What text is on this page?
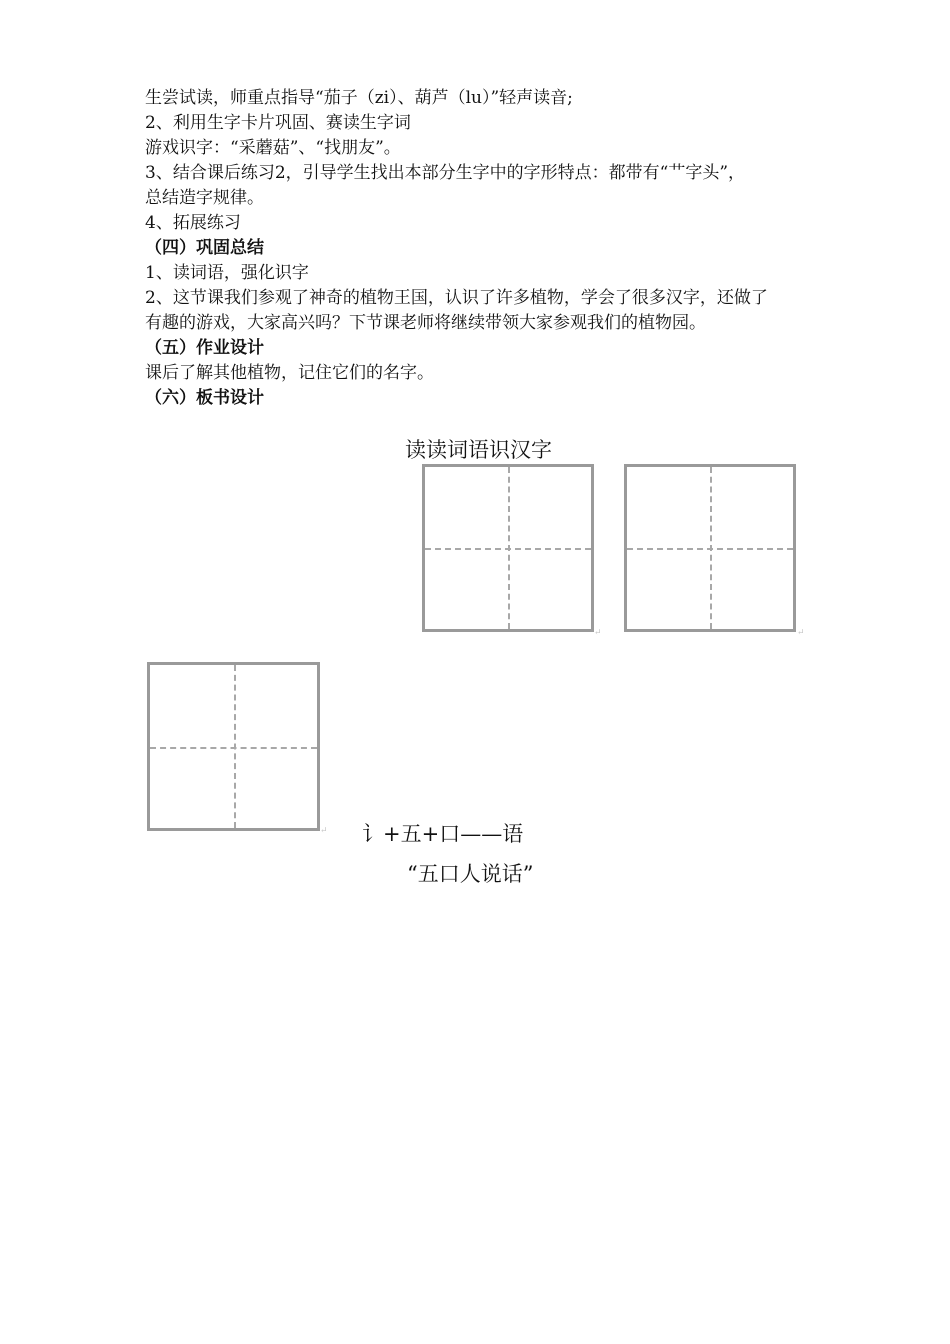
生尝试读，师重点指导“茄子（zi）、葫芦（lu）”轻声读音;
2、利用生字卡片巩固、赛读生字词
游戏识字：“采蘑菇”、“找朋友”。
3、结合课后练习2，引导学生找出本部分生字中的字形特点：都带有“艹字头”，
总结造字规律。
4、拓展练习
（四）巩固总结
1、读词语，强化识字
2、这节课我们参观了神奇的植物王国，认识了许多植物，学会了很多汉字，还做了
有趣的游戏，大家高兴吗？下节课老师将继续带领大家参观我们的植物园。
（五）作业设计
课后了解其他植物，记住它们的名字。
（六）板书设计
读读词语识汉字
↵	↵
↵ 讠+五+口——语
“五口人说话”
